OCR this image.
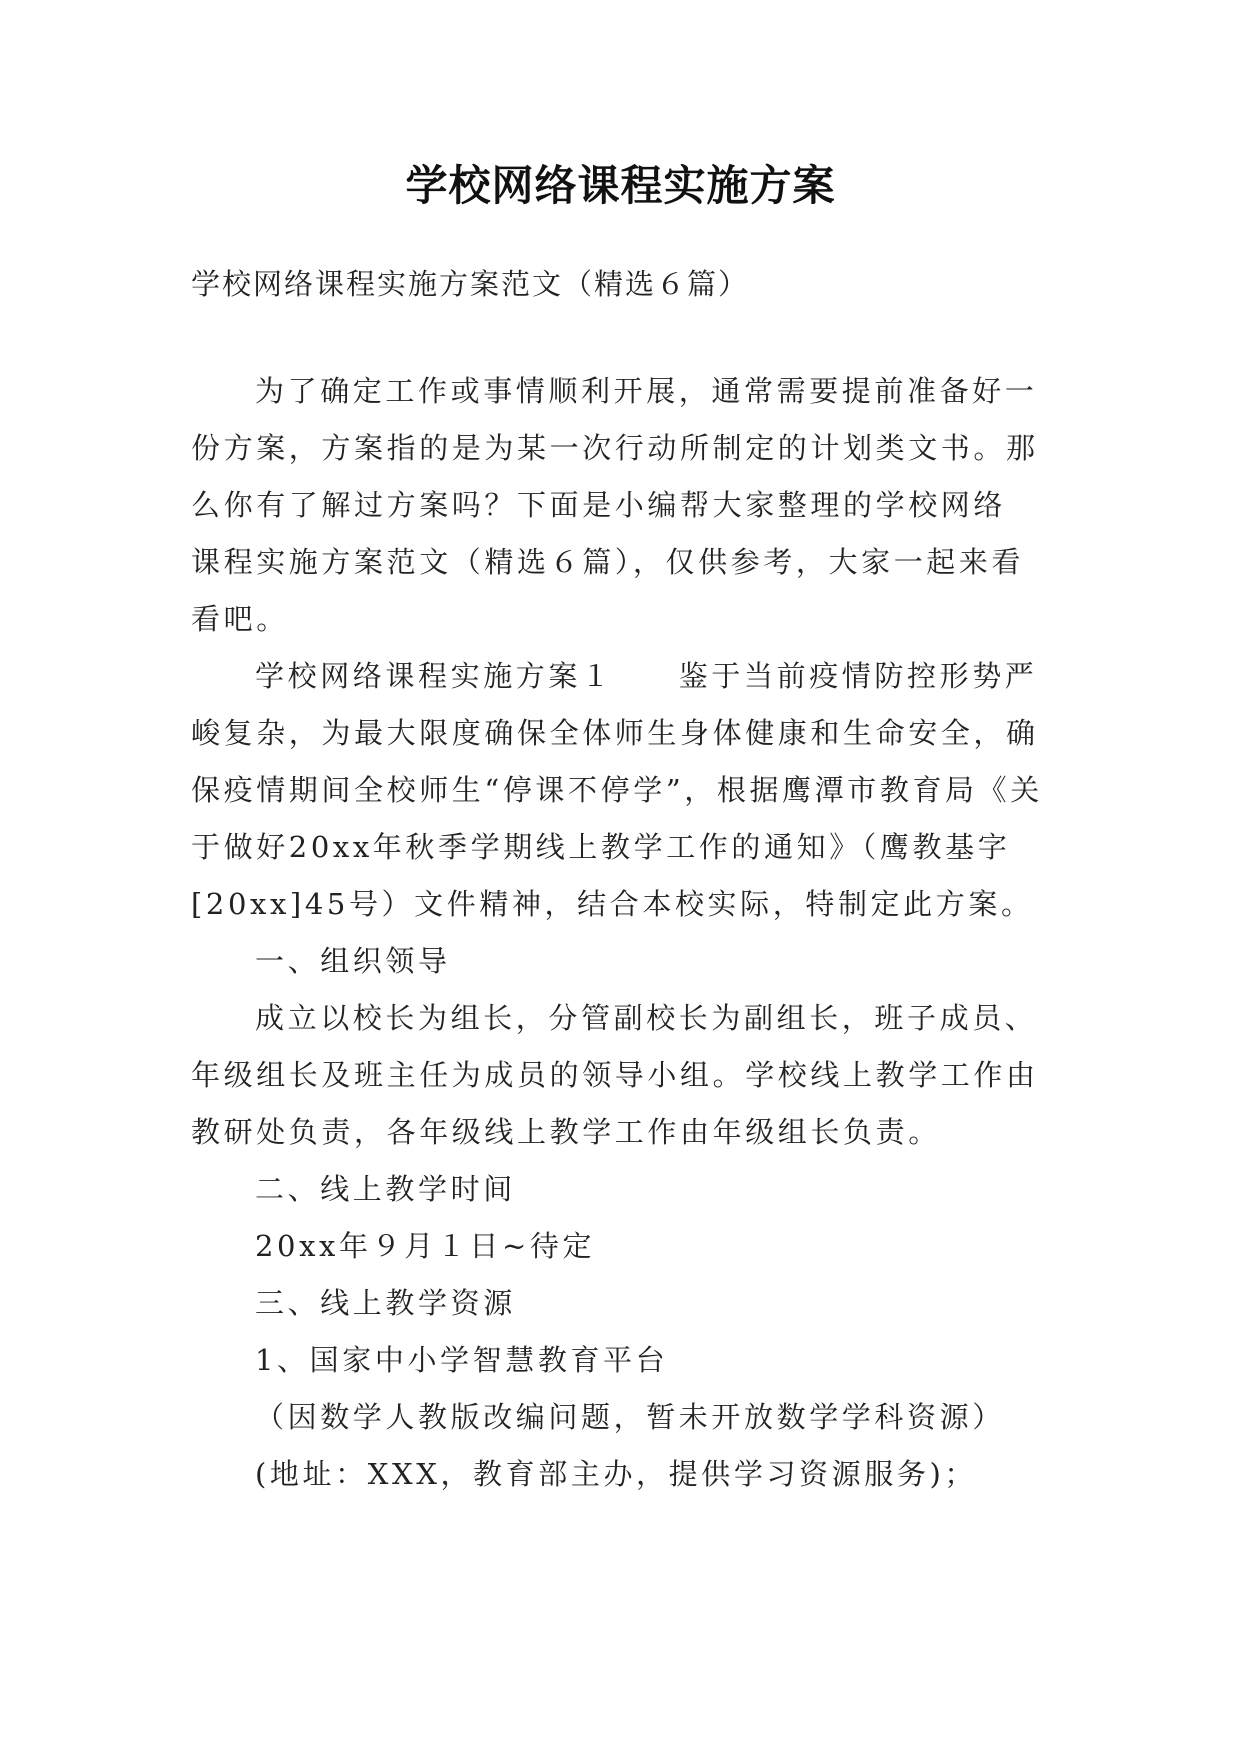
学校网络课程实施方案
学校网络课程实施方案范文（精选６篇）
为了确定工作或事情顺利开展，通常需要提前准备好一
份方案，方案指的是为某一次行动所制定的计划类文书。那
么你有了解过方案吗？下面是小编帮大家整理的学校网络
课程实施方案范文（精选６篇），仅供参考，大家一起来看
看吧。
学校网络课程实施方案１　　鉴于当前疫情防控形势严
峻复杂，为最大限度确保全体师生身体健康和生命安全，确
保疫情期间全校师生“停课不停学”，根据鹰潭市教育局《关
于做好20xx年秋季学期线上教学工作的通知》（鹰教基字
[20xx]45号）文件精神，结合本校实际，特制定此方案。
一、组织领导
成立以校长为组长，分管副校长为副组长，班子成员、
年级组长及班主任为成员的领导小组。学校线上教学工作由
教研处负责，各年级线上教学工作由年级组长负责。
二、线上教学时间
20xx年９月１日~待定
三、线上教学资源
1、国家中小学智慧教育平台
（因数学人教版改编问题，暂未开放数学学科资源）
(地址：XXX，教育部主办，提供学习资源服务)；
